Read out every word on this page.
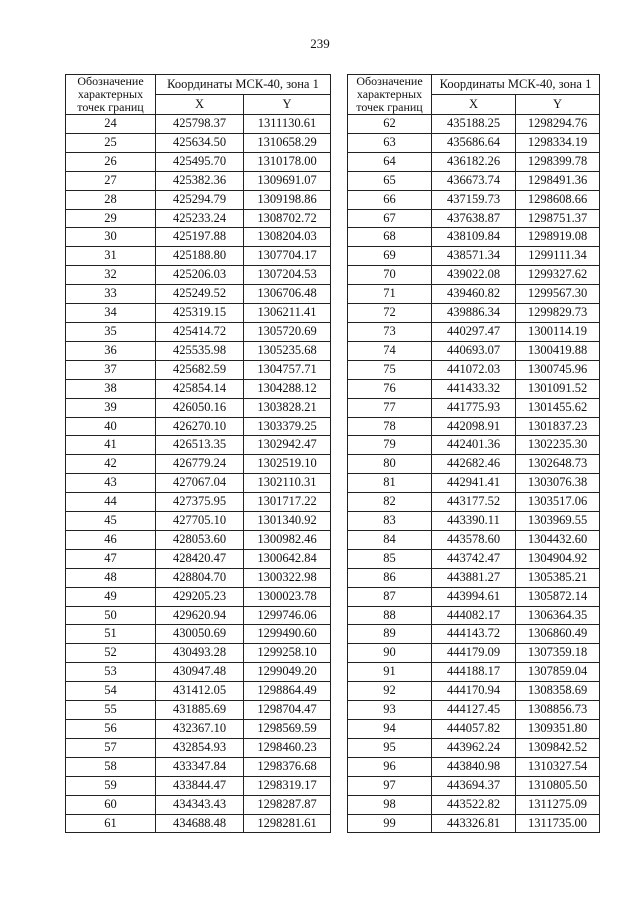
239
Обозначение характерных точек границ	Координаты МСК-40, зона 1	
	X	Y
24	425798.37	1311130.61
25	425634.50	1310658.29
26	425495.70	1310178.00
27	425382.36	1309691.07
28	425294.79	1309198.86
29	425233.24	1308702.72
30	425197.88	1308204.03
31	425188.80	1307704.17
32	425206.03	1307204.53
33	425249.52	1306706.48
34	425319.15	1306211.41
35	425414.72	1305720.69
36	425535.98	1305235.68
37	425682.59	1304757.71
38	425854.14	1304288.12
39	426050.16	1303828.21
40	426270.10	1303379.25
41	426513.35	1302942.47
42	426779.24	1302519.10
43	427067.04	1302110.31
44	427375.95	1301717.22
45	427705.10	1301340.92
46	428053.60	1300982.46
47	428420.47	1300642.84
48	428804.70	1300322.98
49	429205.23	1300023.78
50	429620.94	1299746.06
51	430050.69	1299490.60
52	430493.28	1299258.10
53	430947.48	1299049.20
54	431412.05	1298864.49
55	431885.69	1298704.47
56	432367.10	1298569.59
57	432854.93	1298460.23
58	433347.84	1298376.68
59	433844.47	1298319.17
60	434343.43	1298287.87
61	434688.48	1298281.61
Обозначение характерных точек границ	Координаты МСК-40, зона 1	
	X	Y
62	435188.25	1298294.76
63	435686.64	1298334.19
64	436182.26	1298399.78
65	436673.74	1298491.36
66	437159.73	1298608.66
67	437638.87	1298751.37
68	438109.84	1298919.08
69	438571.34	1299111.34
70	439022.08	1299327.62
71	439460.82	1299567.30
72	439886.34	1299829.73
73	440297.47	1300114.19
74	440693.07	1300419.88
75	441072.03	1300745.96
76	441433.32	1301091.52
77	441775.93	1301455.62
78	442098.91	1301837.23
79	442401.36	1302235.30
80	442682.46	1302648.73
81	442941.41	1303076.38
82	443177.52	1303517.06
83	443390.11	1303969.55
84	443578.60	1304432.60
85	443742.47	1304904.92
86	443881.27	1305385.21
87	443994.61	1305872.14
88	444082.17	1306364.35
89	444143.72	1306860.49
90	444179.09	1307359.18
91	444188.17	1307859.04
92	444170.94	1308358.69
93	444127.45	1308856.73
94	444057.82	1309351.80
95	443962.24	1309842.52
96	443840.98	1310327.54
97	443694.37	1310805.50
98	443522.82	1311275.09
99	443326.81	1311735.00
